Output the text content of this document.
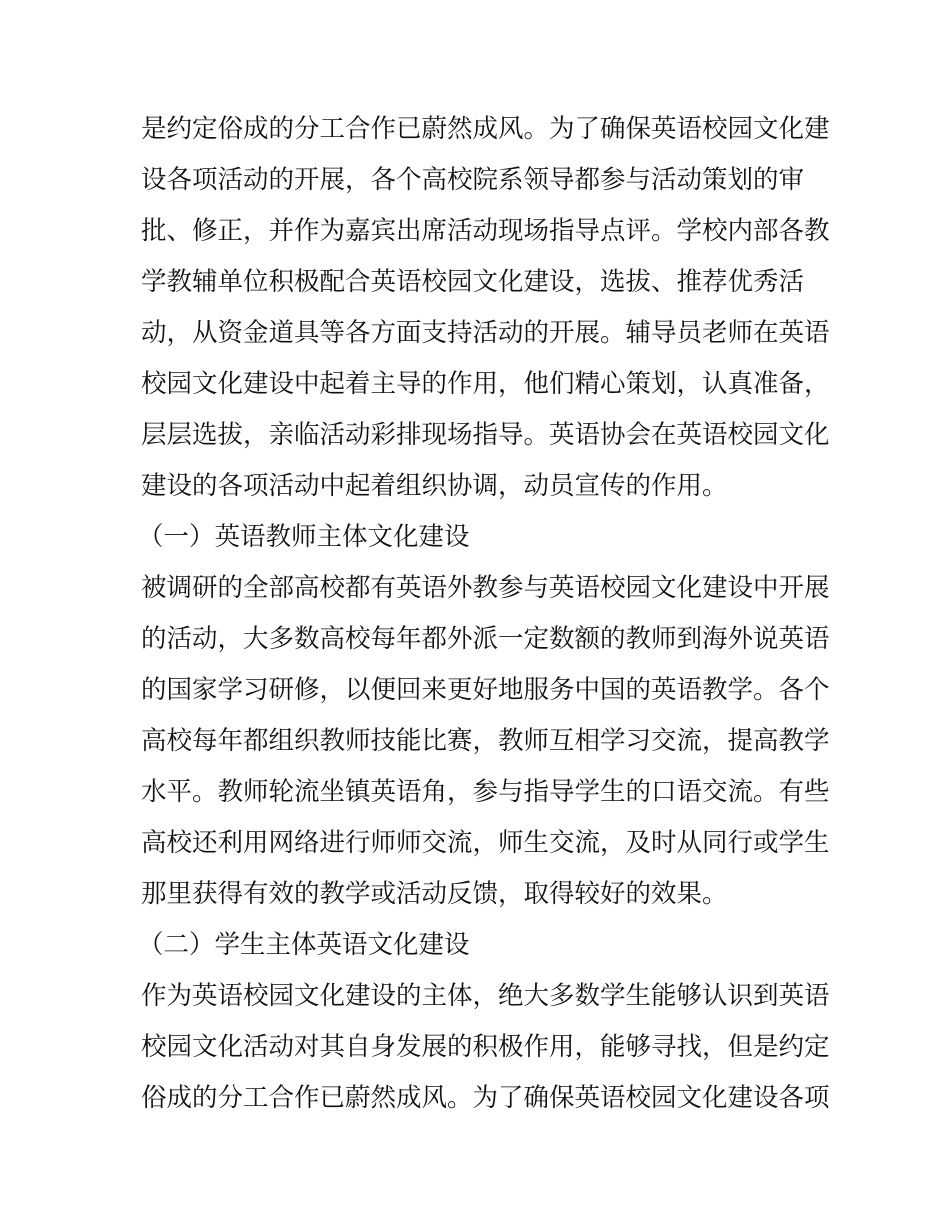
是约定俗成的分工合作已蔚然成风。为了确保英语校园文化建
设各项活动的开展，各个高校院系领导都参与活动策划的审
批、修正，并作为嘉宾出席活动现场指导点评。学校内部各教
学教辅单位积极配合英语校园文化建设，选拔、推荐优秀活
动，从资金道具等各方面支持活动的开展。辅导员老师在英语
校园文化建设中起着主导的作用，他们精心策划，认真准备，
层层选拔，亲临活动彩排现场指导。英语协会在英语校园文化
建设的各项活动中起着组织协调，动员宣传的作用。
（一）英语教师主体文化建设
被调研的全部高校都有英语外教参与英语校园文化建设中开展
的活动，大多数高校每年都外派一定数额的教师到海外说英语
的国家学习研修，以便回来更好地服务中国的英语教学。各个
高校每年都组织教师技能比赛，教师互相学习交流，提高教学
水平。教师轮流坐镇英语角，参与指导学生的口语交流。有些
高校还利用网络进行师师交流，师生交流，及时从同行或学生
那里获得有效的教学或活动反馈，取得较好的效果。
（二）学生主体英语文化建设
作为英语校园文化建设的主体，绝大多数学生能够认识到英语
校园文化活动对其自身发展的积极作用，能够寻找，但是约定
俗成的分工合作已蔚然成风。为了确保英语校园文化建设各项
